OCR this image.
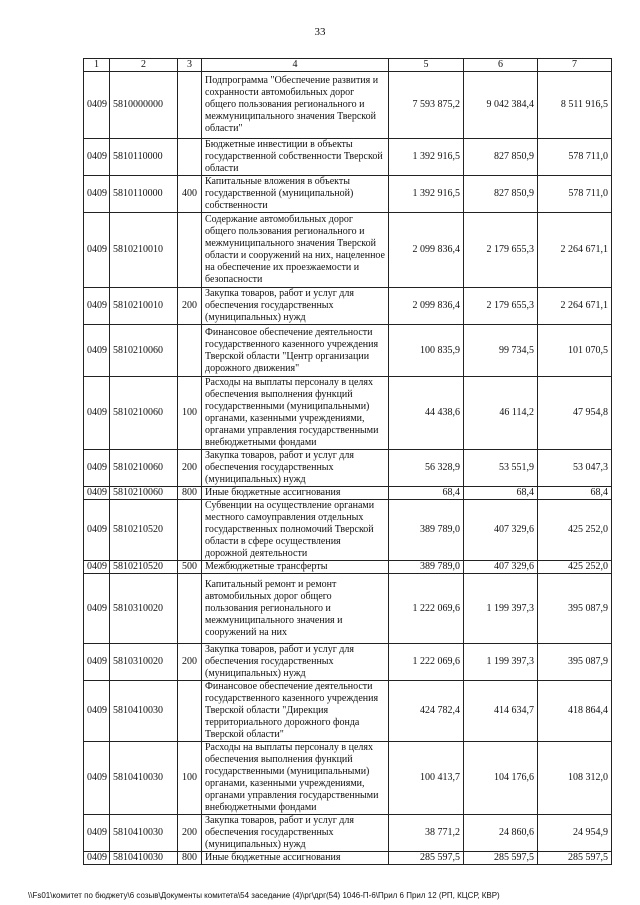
33
1	2	3	4	5	6	7
0409	5810000000		Подпрограмма "Обеспечение развития и сохранности автомобильных дорог общего пользования регионального и межмуниципального значения Тверской области"	7 593 875,2	9 042 384,4	8 511 916,5
0409	5810110000		Бюджетные инвестиции в объекты государственной собственности Тверской области	1 392 916,5	827 850,9	578 711,0
0409	5810110000	400	Капитальные вложения в объекты государственной (муниципальной) собственности	1 392 916,5	827 850,9	578 711,0
0409	5810210010		Содержание автомобильных дорог общего пользования регионального и межмуниципального значения Тверской области и сооружений на них, нацеленное на обеспечение их проезжаемости и безопасности	2 099 836,4	2 179 655,3	2 264 671,1
0409	5810210010	200	Закупка товаров, работ и услуг для обеспечения государственных (муниципальных) нужд	2 099 836,4	2 179 655,3	2 264 671,1
0409	5810210060		Финансовое обеспечение деятельности государственного казенного учреждения Тверской области "Центр организации дорожного движения"	100 835,9	99 734,5	101 070,5
0409	5810210060	100	Расходы на выплаты персоналу в целях обеспечения выполнения функций государственными (муниципальными) органами, казенными учреждениями, органами управления государственными внебюджетными фондами	44 438,6	46 114,2	47 954,8
0409	5810210060	200	Закупка товаров, работ и услуг для обеспечения государственных (муниципальных) нужд	56 328,9	53 551,9	53 047,3
0409	5810210060	800	Иные бюджетные ассигнования	68,4	68,4	68,4
0409	5810210520		Субвенции на осуществление органами местного самоуправления отдельных государственных полномочий Тверской области в сфере осуществления дорожной деятельности	389 789,0	407 329,6	425 252,0
0409	5810210520	500	Межбюджетные трансферты	389 789,0	407 329,6	425 252,0
0409	5810310020		Капитальный ремонт и ремонт автомобильных дорог общего пользования регионального и межмуниципального значения и сооружений на них	1 222 069,6	1 199 397,3	395 087,9
0409	5810310020	200	Закупка товаров, работ и услуг для обеспечения государственных (муниципальных) нужд	1 222 069,6	1 199 397,3	395 087,9
0409	5810410030		Финансовое обеспечение деятельности государственного казенного учреждения Тверской области "Дирекция территориального дорожного фонда Тверской области"	424 782,4	414 634,7	418 864,4
0409	5810410030	100	Расходы на выплаты персоналу в целях обеспечения выполнения функций государственными (муниципальными) органами, казенными учреждениями, органами управления государственными внебюджетными фондами	100 413,7	104 176,6	108 312,0
0409	5810410030	200	Закупка товаров, работ и услуг для обеспечения государственных (муниципальных) нужд	38 771,2	24 860,6	24 954,9
0409	5810410030	800	Иные бюджетные ассигнования	285 597,5	285 597,5	285 597,5
\\Fs01\комитет по бюджету\6 созыв\Документы комитета\54 заседание (4)\рг\дрг(54) 1046-П-6\Прил 6 Прил 12 (РП, КЦСР, КВР)
